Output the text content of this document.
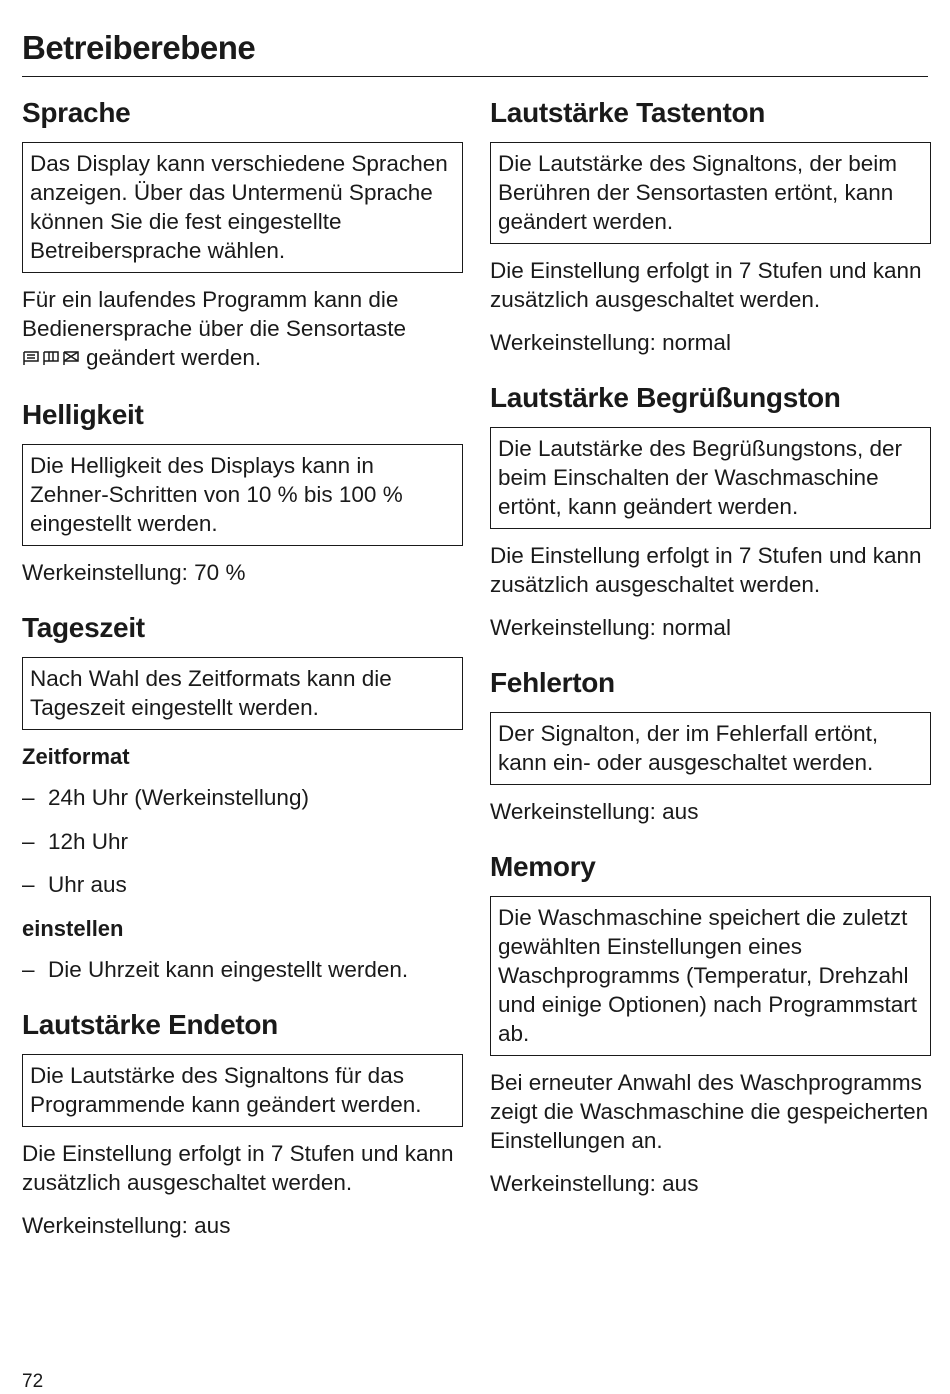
Betreiberebene
Sprache
Das Display kann verschiedene Sprachen anzeigen. Über das Untermenü Sprache können Sie die fest eingestellte Betreibersprache wählen.

Für ein laufendes Programm kann die Bedienersprache über die Sensortaste
geändert werden.

Helligkeit
Die Helligkeit des Displays kann in Zehner-Schritten von 10 % bis 100 % eingestellt werden.

Werkeinstellung: 70 %

Tageszeit
Nach Wahl des Zeitformats kann die Tageszeit eingestellt werden.
Zeitformat
– 24h Uhr (Werkeinstellung)
– 12h Uhr
– Uhr aus
einstellen
– Die Uhrzeit kann eingestellt werden.
Lautstärke Endeton
Die Lautstärke des Signaltons für das Programmende kann geändert werden.

Die Einstellung erfolgt in 7 Stufen und kann zusätzlich ausgeschaltet werden.

Werkeinstellung: aus

Lautstärke Tastenton
Die Lautstärke des Signaltons, der beim Berühren der Sensortasten ertönt, kann geändert werden.

Die Einstellung erfolgt in 7 Stufen und kann zusätzlich ausgeschaltet werden.

Werkeinstellung: normal

Lautstärke Begrüßungston
Die Lautstärke des Begrüßungstons, der beim Einschalten der Waschmaschine ertönt, kann geändert werden.

Die Einstellung erfolgt in 7 Stufen und kann zusätzlich ausgeschaltet werden.

Werkeinstellung: normal

Fehlerton
Der Signalton, der im Fehlerfall ertönt, kann ein- oder ausgeschaltet werden.

Werkeinstellung: aus

Memory
Die Waschmaschine speichert die zuletzt gewählten Einstellungen eines Waschprogramms (Temperatur, Drehzahl und einige Optionen) nach Programmstart ab.

Bei erneuter Anwahl des Waschprogramms zeigt die Waschmaschine die gespeicherten Einstellungen an.

Werkeinstellung: aus

72
